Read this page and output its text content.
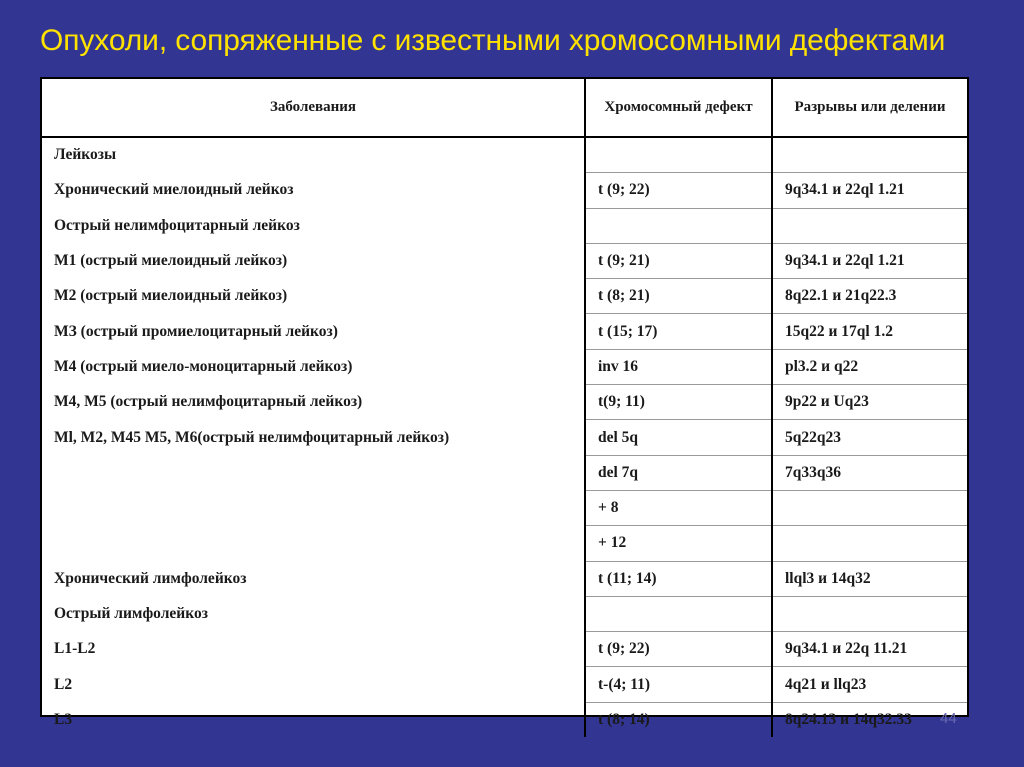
Опухоли, сопряженные с известными хромосомными дефектами
Заболевания	Хромосомный дефект	Разрывы или делении
Лейкозы		
Хронический миелоидный лейкоз	t (9; 22)	9q34.1 и 22ql 1.21
Острый нелимфоцитарный лейкоз		
M1 (острый миелоидный лейкоз)	t (9; 21)	9q34.1 и 22ql 1.21
М2 (острый миелоидный лейкоз)	t (8; 21)	8q22.1 и 21q22.3
МЗ (острый промиелоцитарный лейкоз)	t (15; 17)	15q22 и 17ql 1.2
М4 (острый миело-моноцитарный лейкоз)	inv 16	pl3.2 и q22
М4, М5 (острый нелимфоцитарный лейкоз)	t(9; 11)	9р22 и Uq23
Ml, M2, M45 М5, М6(острый нелимфоцитарный лейкоз)	del 5q	5q22q23
	del 7q	7q33q36
	+ 8	
	+ 12	
Хронический лимфолейкоз	t (11; 14)	llql3 и 14q32
Острый лимфолейкоз		
L1-L2	t (9; 22)	9q34.1 и 22q 11.21
L2	t-(4; 11)	4q21 и llq23
L3	t (8; 14)	8q24.13 и 14q32.33 44
